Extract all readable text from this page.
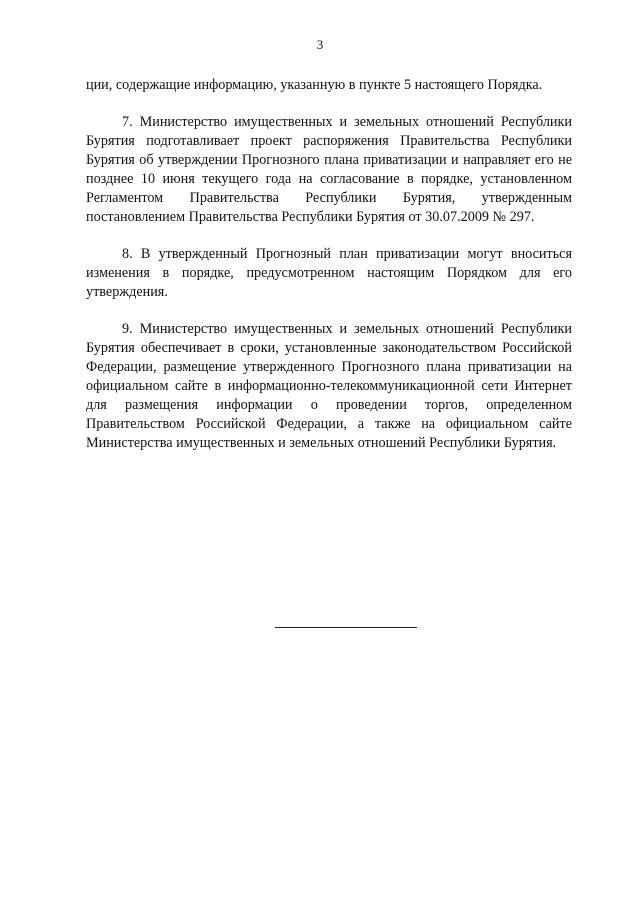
3

ции, содержащие информацию, указанную в пункте 5 настоящего Порядка.

7. Министерство имущественных и земельных отношений Республики Бурятия подготавливает проект распоряжения Правительства Республики Бурятия об утверждении Прогнозного плана приватизации и направляет его не позднее 10 июня текущего года на согласование в порядке, установленном Регламентом Правительства Республики Бурятия, утвержденным постановлением Правительства Республики Бурятия от 30.07.2009 № 297.

8. В утвержденный Прогнозный план приватизации могут вноситься изменения в порядке, предусмотренном настоящим Порядком для его утверждения.

9. Министерство имущественных и земельных отношений Республики Бурятия обеспечивает в сроки, установленные законодательством Российской Федерации, размещение утвержденного Прогнозного плана приватизации на официальном сайте в информационно-телекоммуникационной сети Интернет для размещения информации о проведении торгов, определенном Правительством Российской Федерации, а также на официальном сайте Министерства имущественных и земельных отношений Республики Бурятия.
